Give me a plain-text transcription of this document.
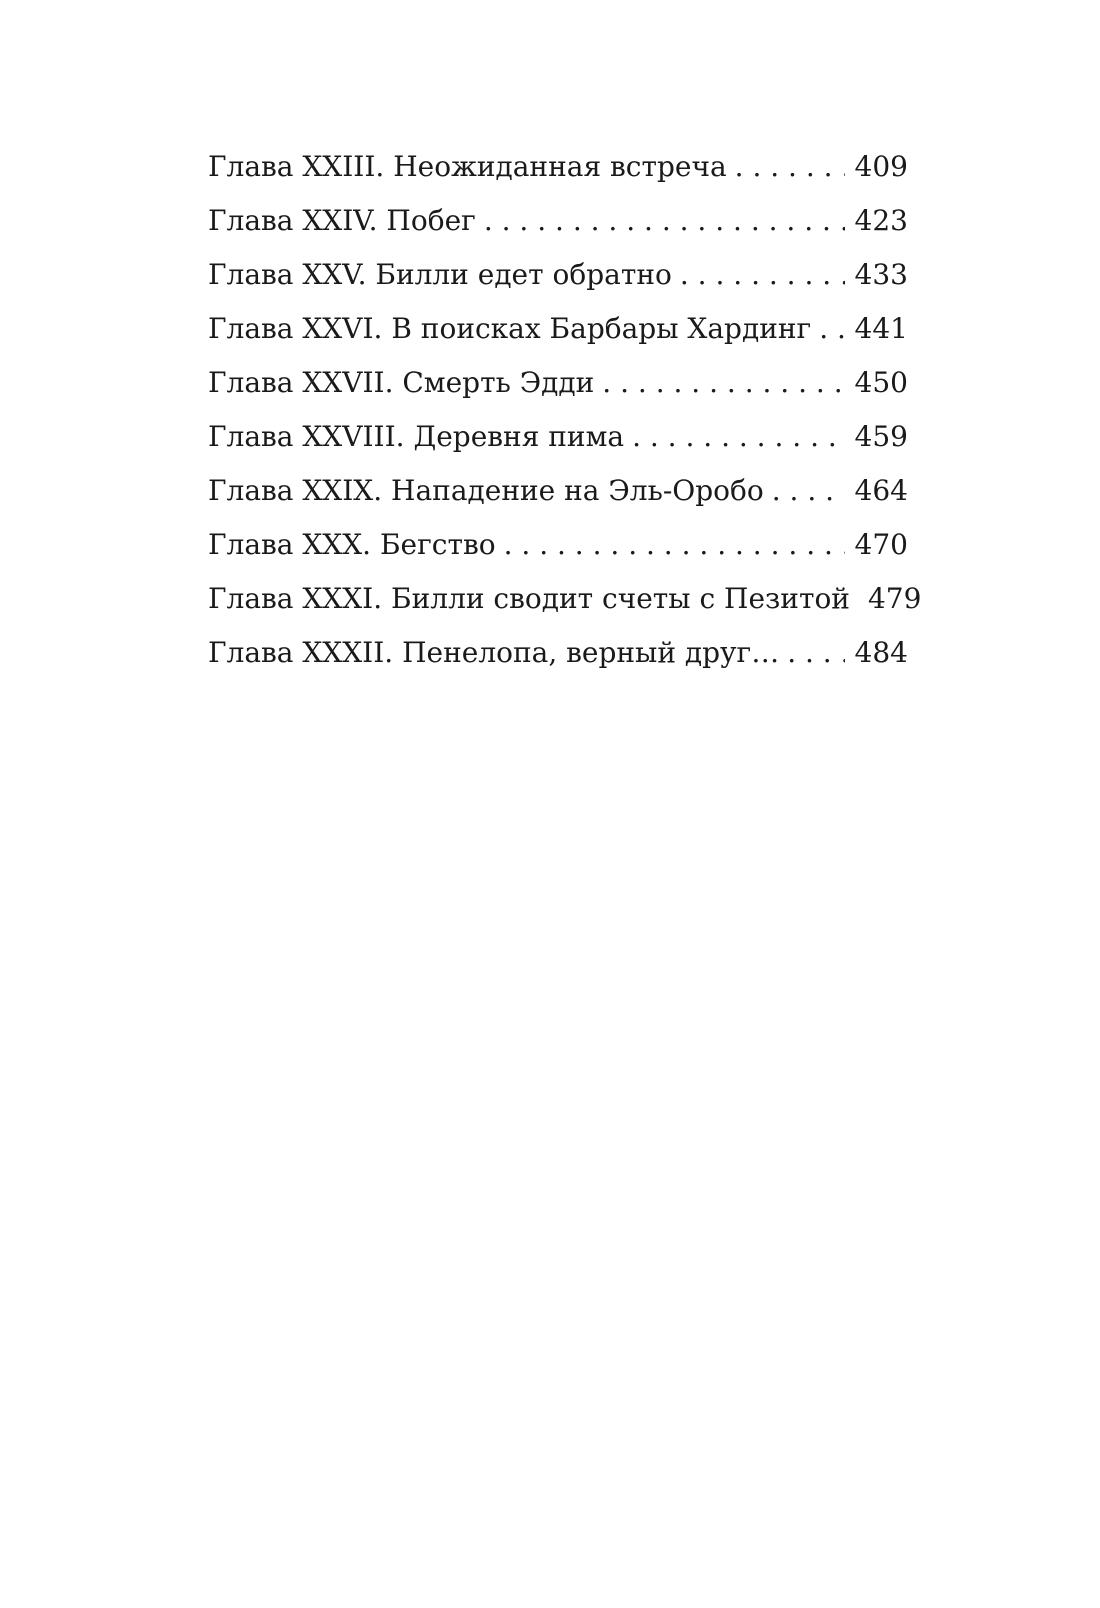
Глава XXIII. Неожиданная встреча . . .	409
Глава XXIV. Побег . . .	423
Глава XXV. Билли едет обратно . . .	433
Глава XXVI. В поисках Барбары Хардинг . . . 441
Глава XXVII. Смерть Эдди . . .	450
Глава XXVIII. Деревня пима . . .	459
Глава XXIX. Нападение на Эль-Оробо . . .	464
Глава XXX. Бегство . . .	470
Глава XXXI. Билли сводит счеты с Пезитой 479
Глава XXXII. Пенелопа, верный друг… . . .	484
